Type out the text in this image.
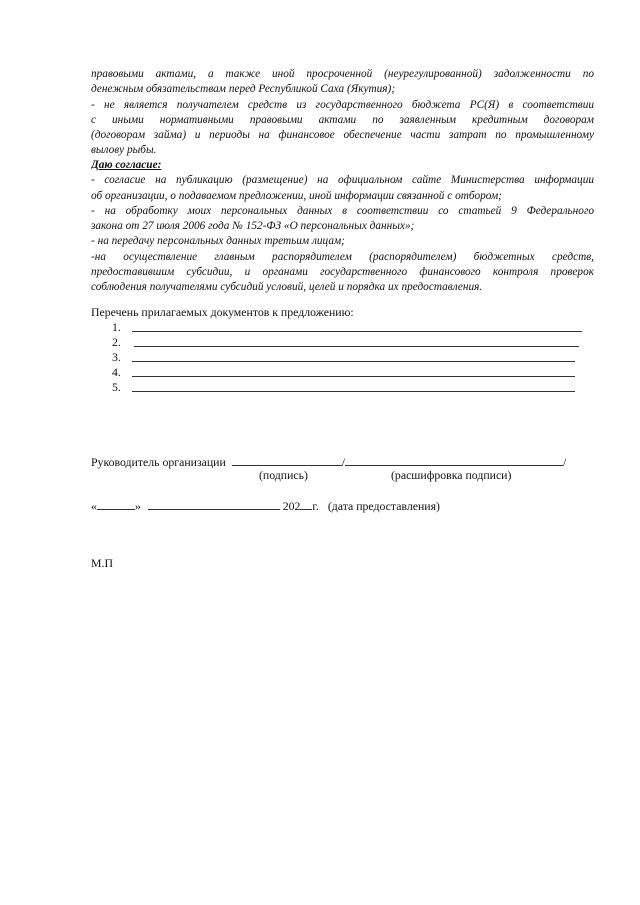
правовыми актами, а также иной просроченной (неурегулированной) задолженности по
денежным обязательствам перед Республикой Саха (Якутия);
- не является получателем средств из государственного бюджета РС(Я) в соответствии
с иными нормативными правовыми актами по заявленным кредитным договорам
(договорам займа) и периоды на финансовое обеспечение части затрат по промышленному
вылову рыбы.
Даю согласие:
- согласие на публикацию (размещение) на официальном сайте Министерства информации
об организации, о подаваемом предложении, иной информации связанной с отбором;
- на обработку моих персональных данных в соответствии со статьей 9 Федерального
закона от 27 июля 2006 года № 152-ФЗ «О персональных данных»;
- на передачу персональных данных третьим лицам;
-на осуществление главным распорядителем (распорядителем) бюджетных средств,
предоставившим субсидии, и органами государственного финансового контроля проверок
соблюдения получателями субсидий условий, целей и порядка их предоставления.
Перечень прилагаемых документов к предложению:
1.
2.
3.
4.
5.
Руководитель организации	/	/
(подпись)	(расшифровка подписи)
«	»	202 г. (дата предоставления)
М.П
